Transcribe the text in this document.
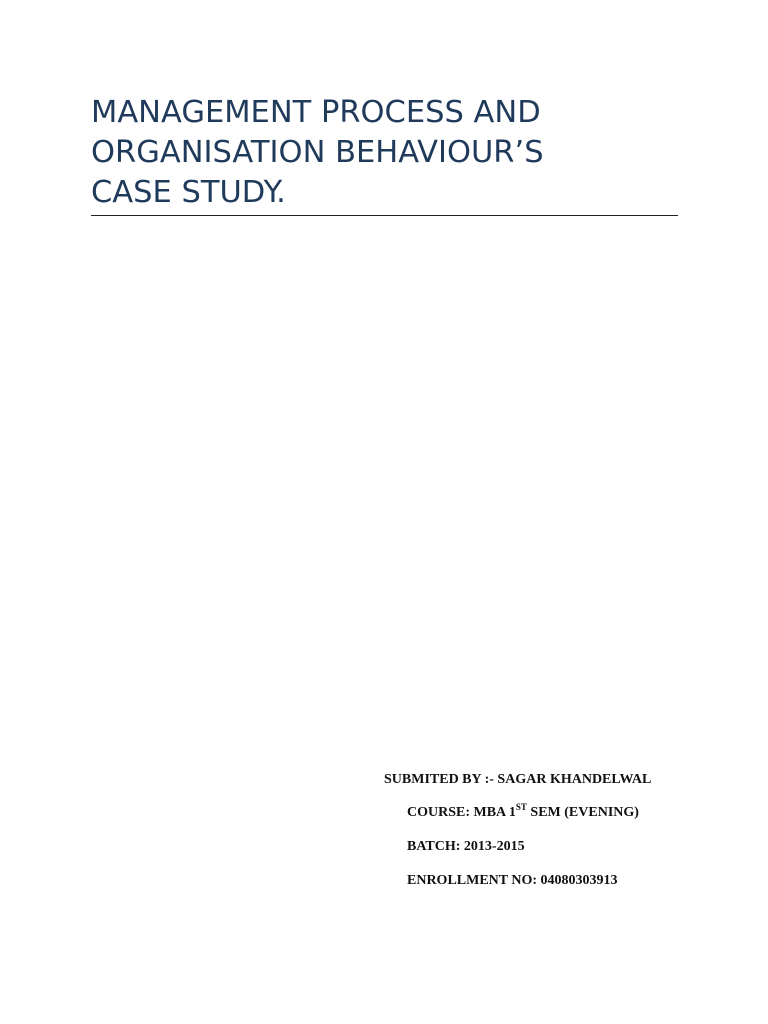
MANAGEMENT PROCESS AND
ORGANISATION BEHAVIOUR’S
CASE STUDY.

SUBMITED BY :- SAGAR KHANDELWAL

COURSE: MBA 1ST SEM (EVENING)

BATCH: 2013-2015

ENROLLMENT NO: 04080303913
